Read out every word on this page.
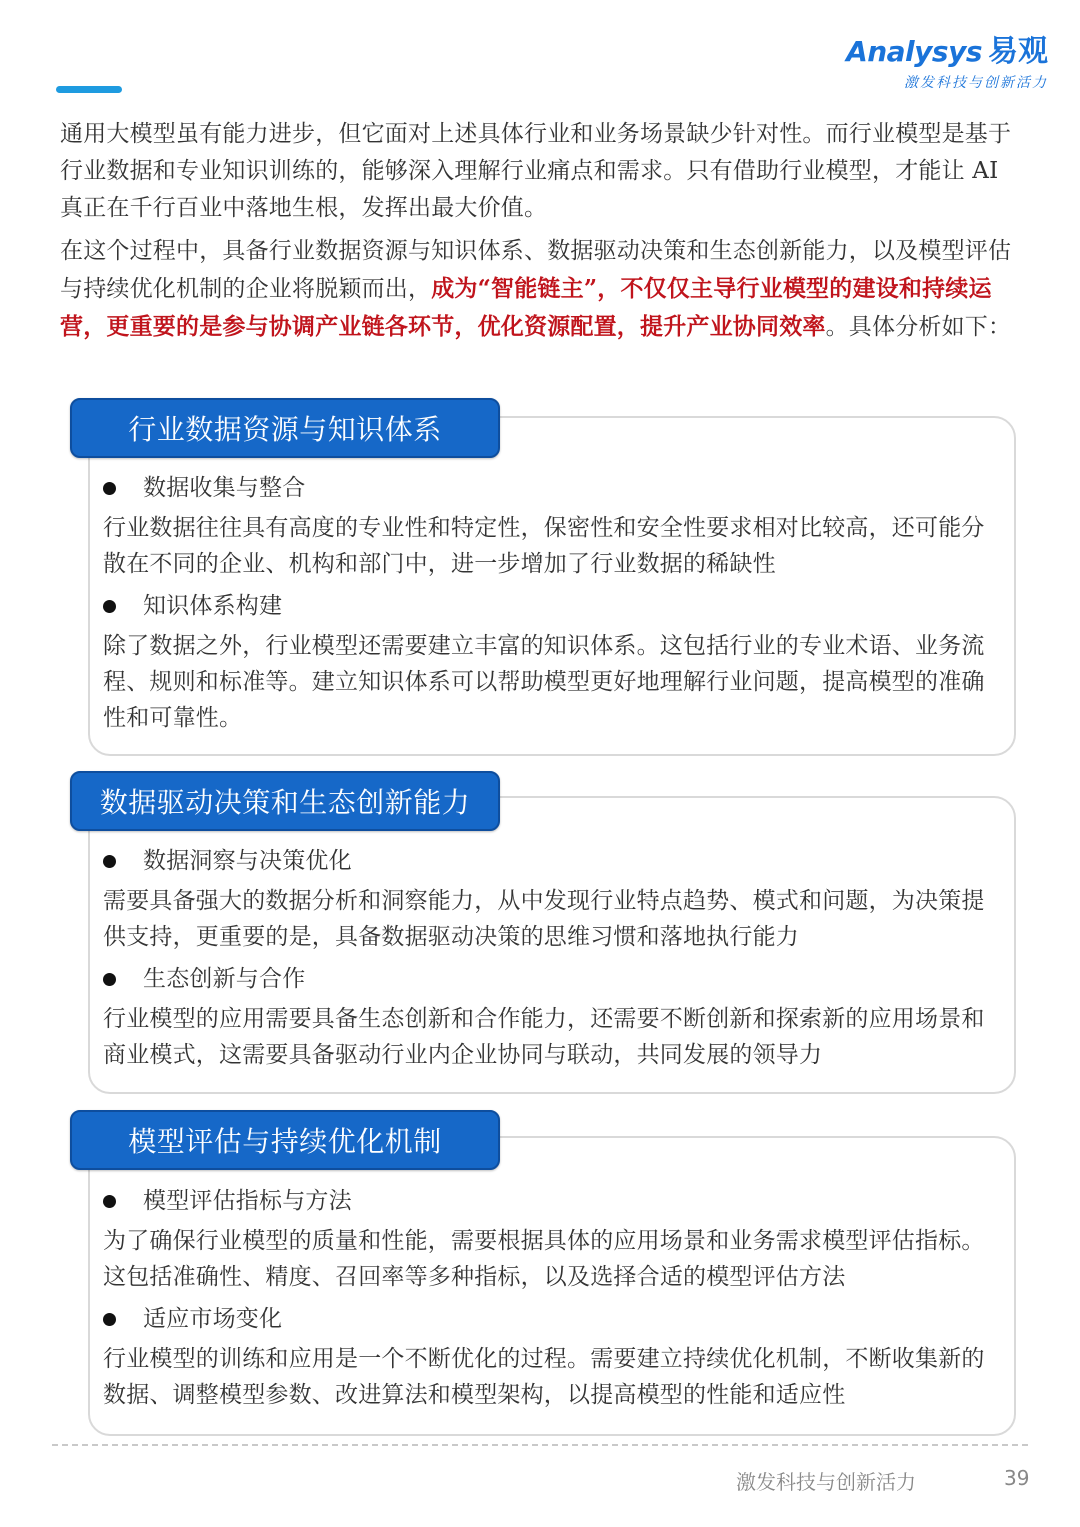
Analysys 易观
激发科技与创新活力

通用大模型虽有能力进步，但它面对上述具体行业和业务场景缺少针对性。而行业模型是基于行业数据和专业知识训练的，能够深入理解行业痛点和需求。只有借助行业模型，才能让 AI 真正在千行百业中落地生根，发挥出最大价值。

在这个过程中，具备行业数据资源与知识体系、数据驱动决策和生态创新能力，以及模型评估与持续优化机制的企业将脱颖而出，成为“智能链主”，不仅仅主导行业模型的建设和持续运营，更重要的是参与协调产业链各环节，优化资源配置，提升产业协同效率。具体分析如下：

行业数据资源与知识体系
数据收集与整合
行业数据往往具有高度的专业性和特定性，保密性和安全性要求相对比较高，还可能分散在不同的企业、机构和部门中，进一步增加了行业数据的稀缺性
知识体系构建
除了数据之外，行业模型还需要建立丰富的知识体系。这包括行业的专业术语、业务流程、规则和标准等。建立知识体系可以帮助模型更好地理解行业问题，提高模型的准确性和可靠性。
数据驱动决策和生态创新能力
数据洞察与决策优化
需要具备强大的数据分析和洞察能力，从中发现行业特点趋势、模式和问题，为决策提供支持，更重要的是，具备数据驱动决策的思维习惯和落地执行能力
生态创新与合作
行业模型的应用需要具备生态创新和合作能力，还需要不断创新和探索新的应用场景和商业模式，这需要具备驱动行业内企业协同与联动，共同发展的领导力
模型评估与持续优化机制
模型评估指标与方法
为了确保行业模型的质量和性能，需要根据具体的应用场景和业务需求模型评估指标。这包括准确性、精度、召回率等多种指标，以及选择合适的模型评估方法
适应市场变化
行业模型的训练和应用是一个不断优化的过程。需要建立持续优化机制，不断收集新的数据、调整模型参数、改进算法和模型架构，以提高模型的性能和适应性
激发科技与创新活力	39
